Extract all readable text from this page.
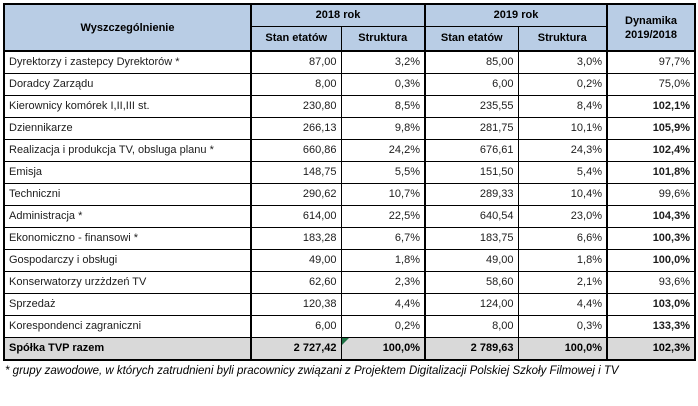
Wyszczególnienie	2018 rok		2019 rok		Dynamika
2019/2018
	Stan etatów	Struktura	Stan etatów	Struktura	
Dyrektorzy i zastepcy Dyrektorów *	87,00	3,2%	85,00	3,0%	97,7%
Doradcy Zarządu	8,00	0,3%	6,00	0,2%	75,0%
Kierownicy komórek I,II,III st.	230,80	8,5%	235,55	8,4%	102,1%
Dziennikarze	266,13	9,8%	281,75	10,1%	105,9%
Realizacja i produkcja TV, obsluga planu *	660,86	24,2%	676,61	24,3%	102,4%
Emisja	148,75	5,5%	151,50	5,4%	101,8%
Techniczni	290,62	10,7%	289,33	10,4%	99,6%
Administracja *	614,00	22,5%	640,54	23,0%	104,3%
Ekonomiczno - finansowi *	183,28	6,7%	183,75	6,6%	100,3%
Gospodarczy i obsługi	49,00	1,8%	49,00	1,8%	100,0%
Konserwatorzy urzżdzeń TV	62,60	2,3%	58,60	2,1%	93,6%
Sprzedaż	120,38	4,4%	124,00	4,4%	103,0%
Korespondenci zagraniczni	6,00	0,2%	8,00	0,3%	133,3%
Spółka TVP razem	2 727,42	100,0%	2 789,63	100,0%	102,3%
* grupy zawodowe, w których zatrudnieni byli pracownicy związani z Projektem Digitalizacji Polskiej Szkoły Filmowej i TV
